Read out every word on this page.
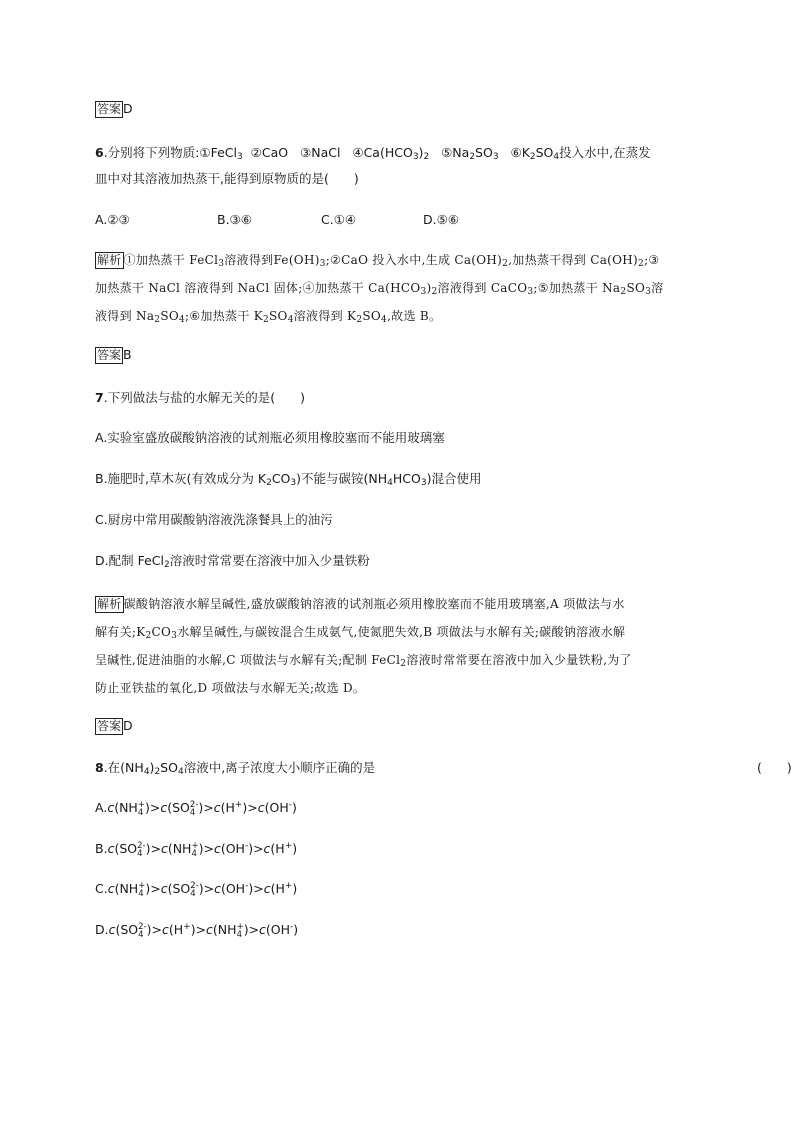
答案 D
6.分别将下列物质:①FeCl$_3$  ②CaO   ③NaCl   $④Ca(HCO_3)_2$   $⑤Na_2SO_3$   $⑥K_2SO_4$投入水中,在蒸发
皿中对其溶液加热蒸干,能得到原物质的是(　　)
A.②③	B.③⑥	C.①④	D.⑤⑥
解析 ①加热蒸干 FeCl$_3$溶液得到$Fe(OH)_3;②CaO$ 投入水中,生成 $Ca(OH)_2$,加热蒸干得到 $Ca(OH)_2;③$
加热蒸干 NaCl 溶液得到 NaCl 固体;④加热蒸干 $Ca(HCO_3)_2$溶液得到 CaCO$_3$;⑤加热蒸干 $Na_2SO_3$溶
液得到 $Na_2SO_4;⑥$加热蒸干 $K_2SO_4$溶液得到 $K_2SO_4$,故选 B。
答案 B
7.下列做法与盐的水解无关的是(　　)
A.实验室盛放碳酸钠溶液的试剂瓶必须用橡胶塞而不能用玻璃塞
B.施肥时,草木灰(有效成分为 $K_2CO_3$)不能与碳铵$(NH_4HCO_3)$混合使用
C.厨房中常用碳酸钠溶液洗涤餐具上的油污
D.配制 FeCl$_2$溶液时常常要在溶液中加入少量铁粉
解析 碳酸钠溶液水解呈碱性,盛放碳酸钠溶液的试剂瓶必须用橡胶塞而不能用玻璃塞,A 项做法与水
解有关$;K_2CO_3$水解呈碱性,与碳铵混合生成氨气,使氮肥失效,B 项做法与水解有关;碳酸钠溶液水解
呈碱性,促进油脂的水解,C 项做法与水解有关;配制 FeCl$_2$溶液时常常要在溶液中加入少量铁粉,为了
防止亚铁盐的氧化,D 项做法与水解无关;故选 D。
答案 D
8.在$(NH_4)_2SO_4$溶液中,离子浓度大小顺序正确的是	(　　)
A.c(NH +
4 )>c(SO 2-
4 )>c(H+)>c(OH-)
B.c(SO 2-
4 )>c(NH +
4 )>c(OH-)>c(H+)
C.c(NH +
4 )>c(SO 2-
4 )>c(OH-)>c(H+)
D.c(SO 2-
4 )>c(H+)>c(NH +
4 )>c(OH-)
